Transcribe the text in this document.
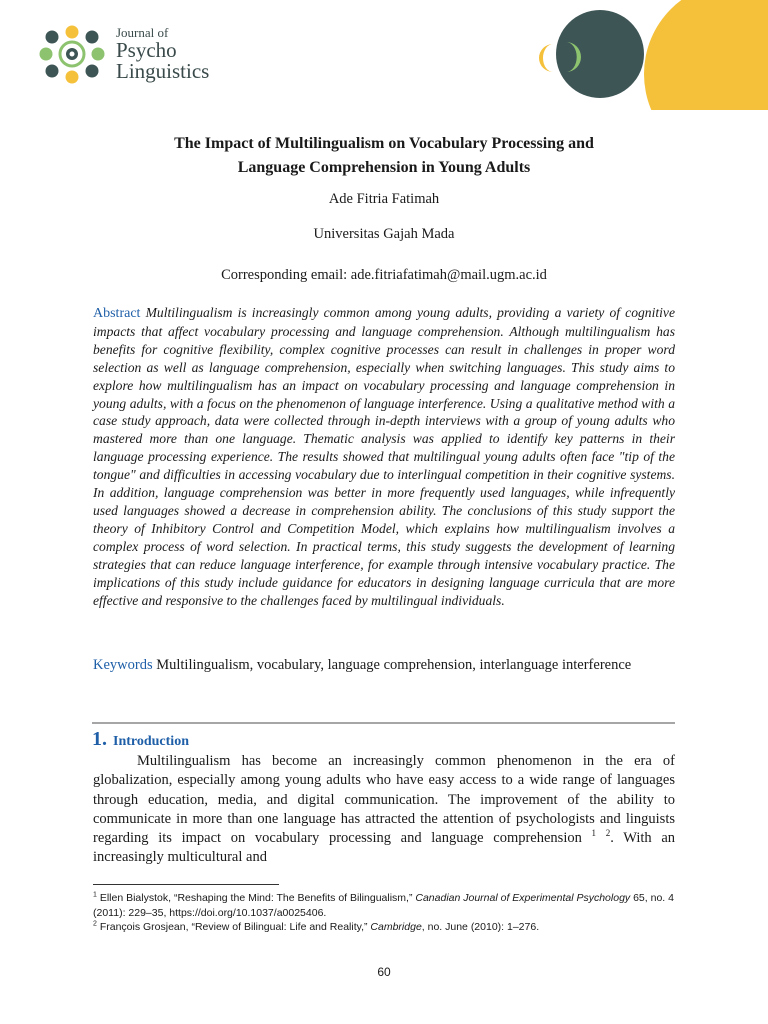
Journal of
Psycho
Linguistics
The Impact of Multilingualism on Vocabulary Processing and
Language Comprehension in Young Adults
Ade Fitria Fatimah
Universitas Gajah Mada
Corresponding email: ade.fitriafatimah@mail.ugm.ac.id
Abstract Multilingualism is increasingly common among young adults, providing a variety of cognitive impacts that affect vocabulary processing and language comprehension. Although multilingualism has benefits for cognitive flexibility, complex cognitive processes can result in challenges in proper word selection as well as language comprehension, especially when switching languages. This study aims to explore how multilingualism has an impact on vocabulary processing and language comprehension in young adults, with a focus on the phenomenon of language interference. Using a qualitative method with a case study approach, data were collected through in-depth interviews with a group of young adults who mastered more than one language. Thematic analysis was applied to identify key patterns in their language processing experience. The results showed that multilingual young adults often face "tip of the tongue" and difficulties in accessing vocabulary due to interlingual competition in their cognitive systems. In addition, language comprehension was better in more frequently used languages, while infrequently used languages showed a decrease in comprehension ability. The conclusions of this study support the theory of Inhibitory Control and Competition Model, which explains how multilingualism involves a complex process of word selection. In practical terms, this study suggests the development of learning strategies that can reduce language interference, for example through intensive vocabulary practice. The implications of this study include guidance for educators in designing language curricula that are more effective and responsive to the challenges faced by multilingual individuals.
Keywords Multilingualism, vocabulary, language comprehension, interlanguage interference
1. Introduction
Multilingualism has become an increasingly common phenomenon in the era of globalization, especially among young adults who have easy access to a wide range of languages through education, media, and digital communication. The improvement of the ability to communicate in more than one language has attracted the attention of psychologists and linguists regarding its impact on vocabulary processing and language comprehension $^1$ $^2$. With an increasingly multicultural and
$^1$ Ellen Bialystok, “Reshaping the Mind: The Benefits of Bilingualism,” Canadian Journal of Experimental Psychology 65, no. 4 (2011): 229–35, https://doi.org/10.1037/a0025406.
$^2$ François Grosjean, “Review of Bilingual: Life and Reality,” Cambridge, no. June (2010): 1–276.
60
